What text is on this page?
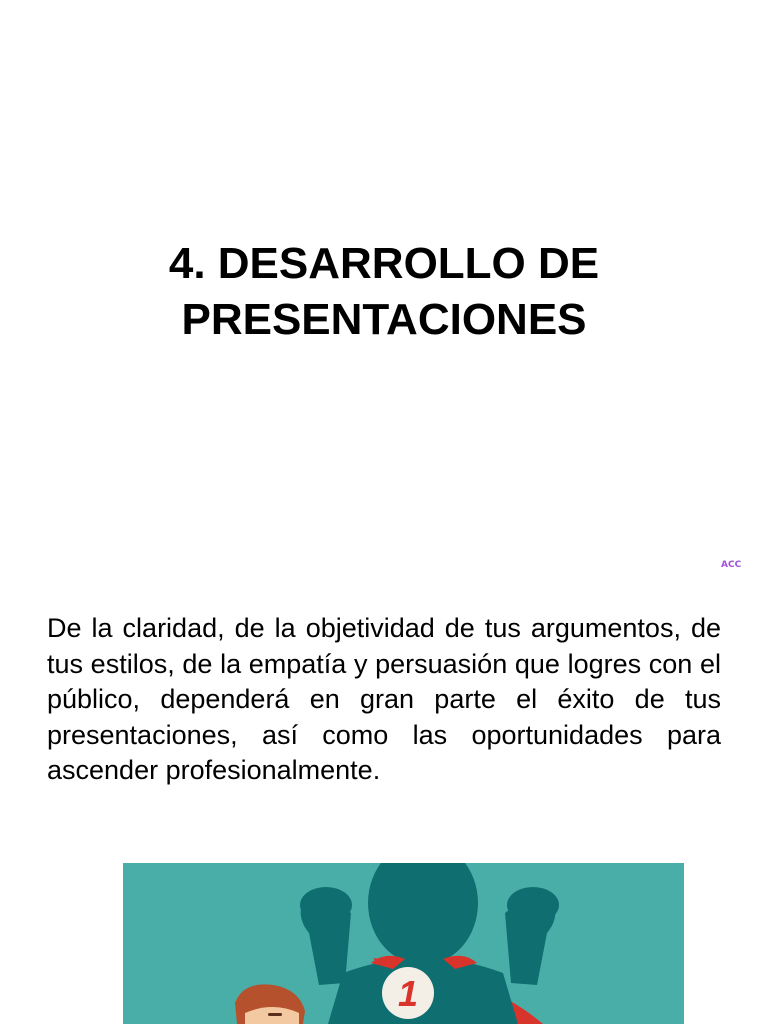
4. DESARROLLO DE
PRESENTACIONES
ACC

De la claridad, de la objetividad de tus argumentos, de tus estilos, de la empatía y persuasión que logres con el público, dependerá en gran parte el éxito de tus presentaciones, así como las oportunidades para ascender profesionalmente.

1
